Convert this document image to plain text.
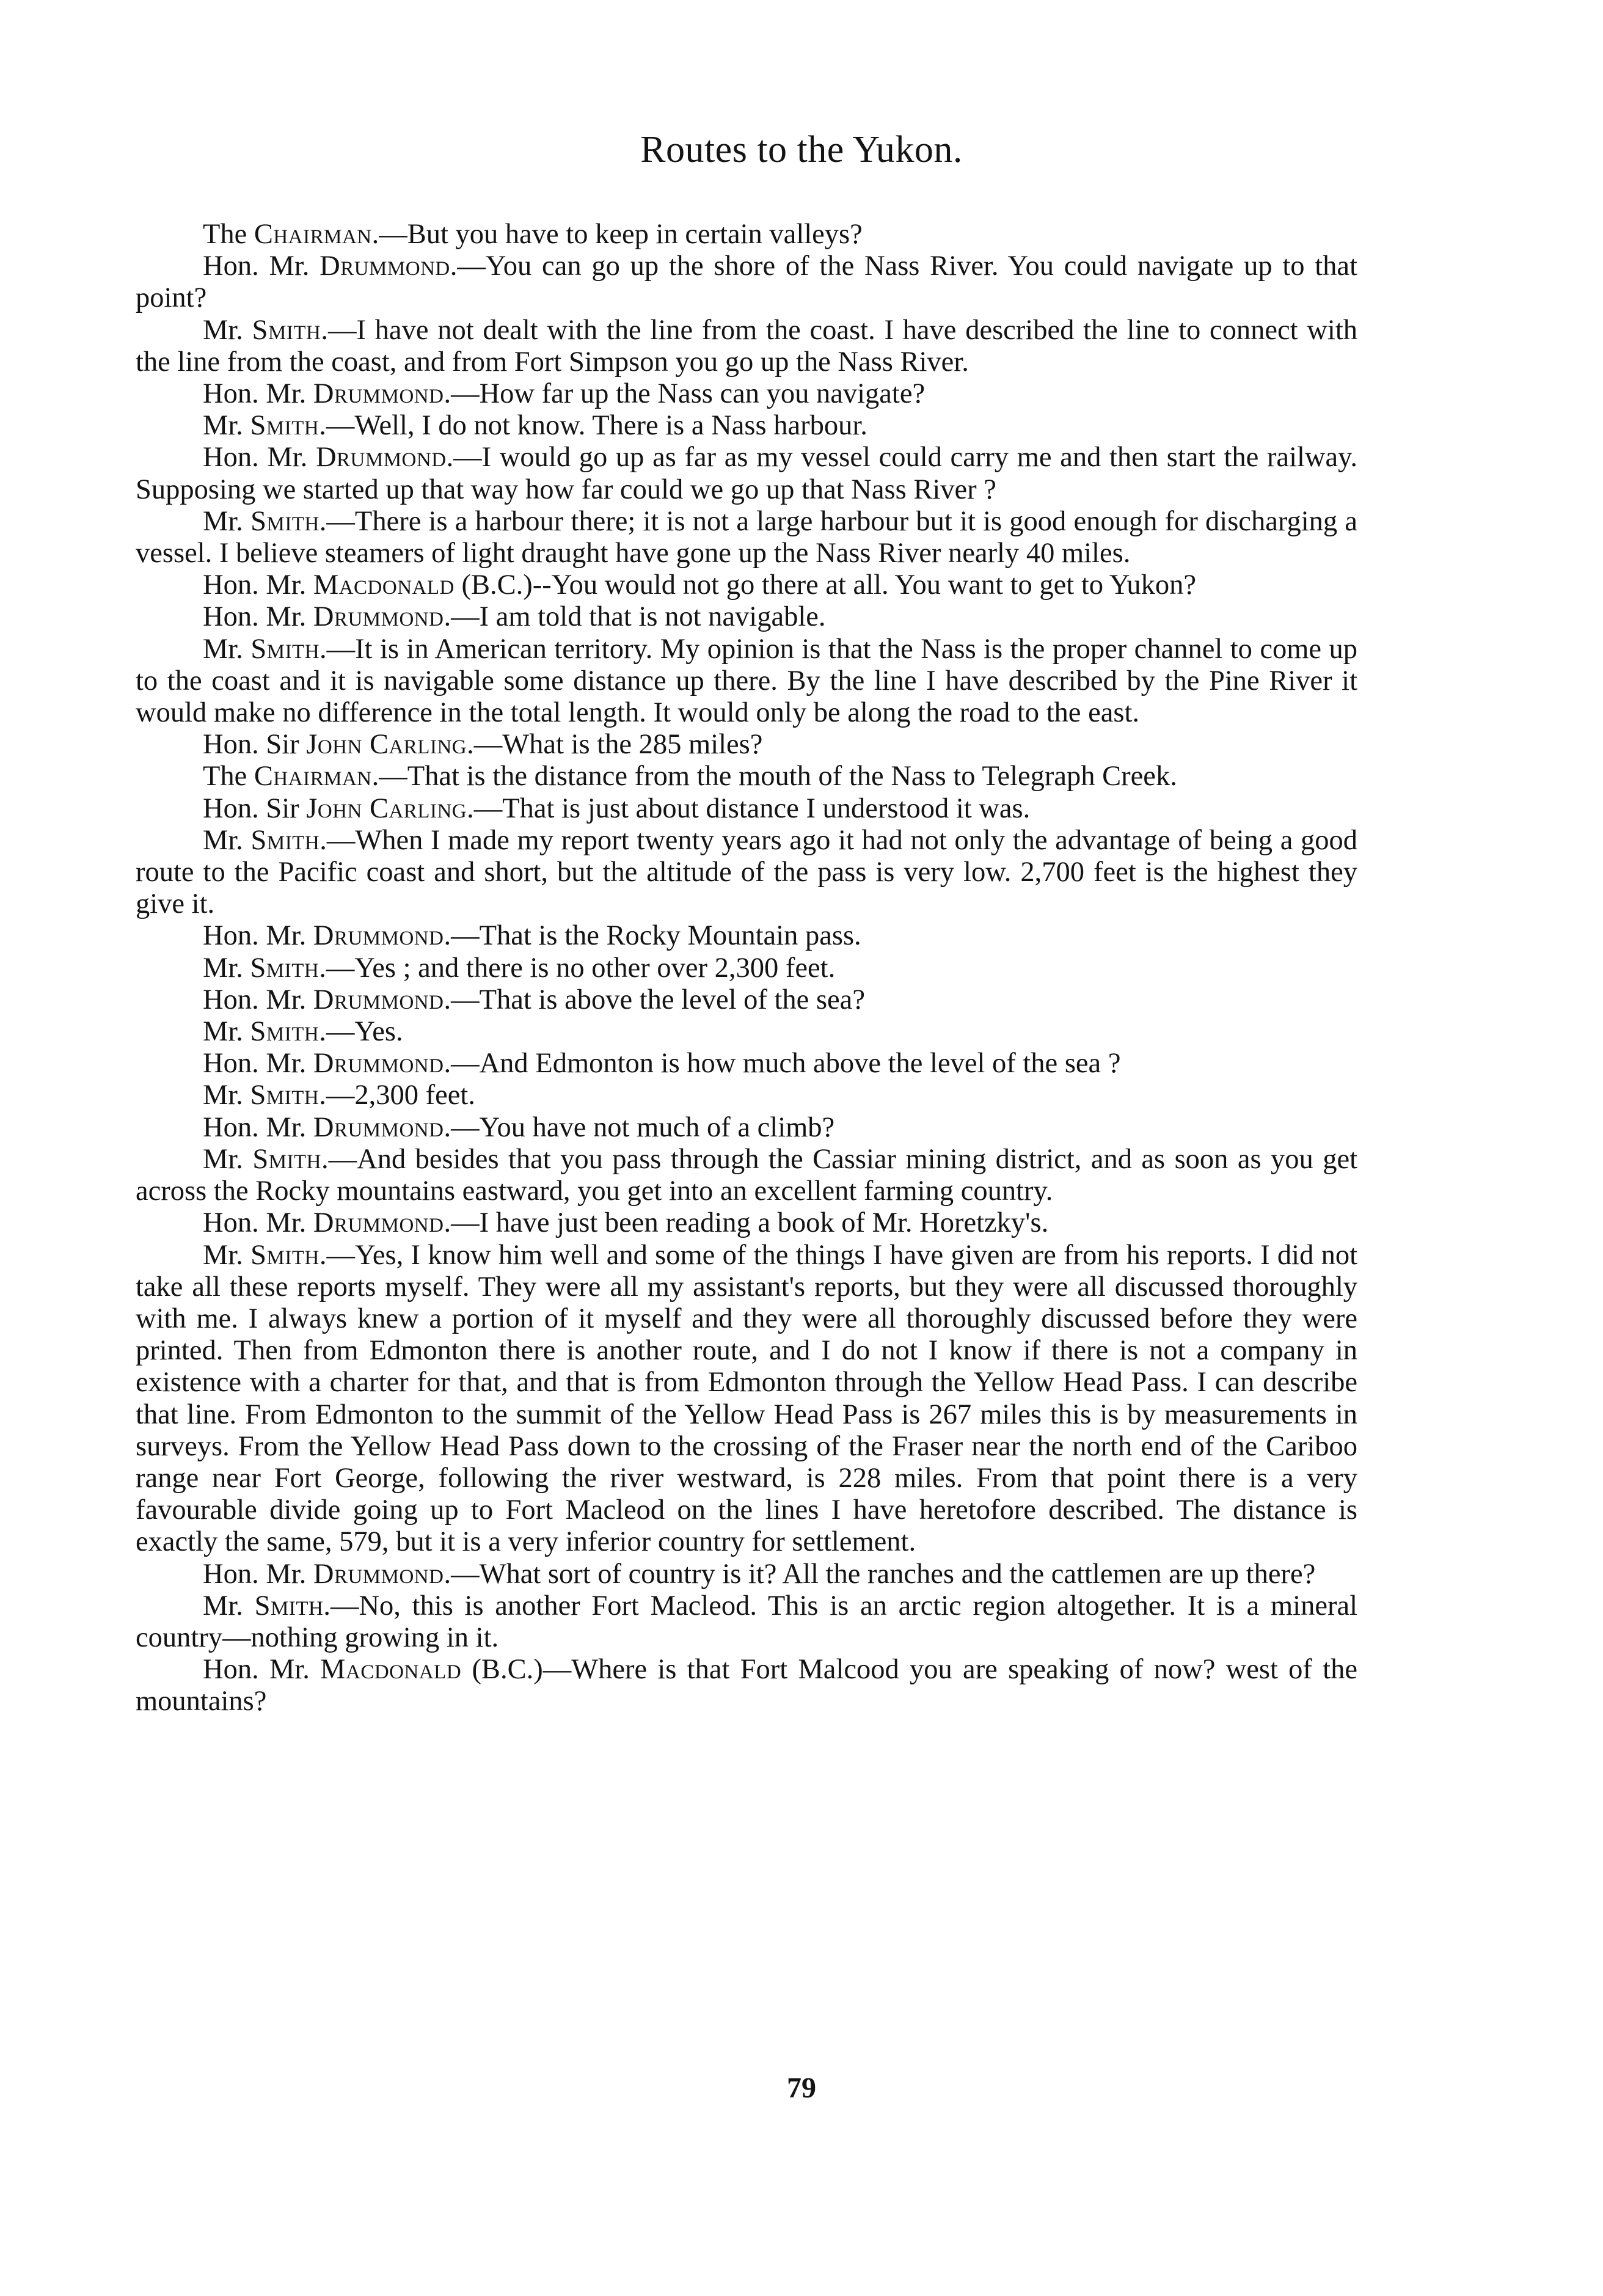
Routes to the Yukon.

The Chairman.—But you have to keep in certain valleys?

Hon. Mr. Drummond.—You can go up the shore of the Nass River. You could navigate up to that point?

Mr. Smith.—I have not dealt with the line from the coast. I have described the line to connect with the line from the coast, and from Fort Simpson you go up the Nass River.

Hon. Mr. Drummond.—How far up the Nass can you navigate?

Mr. Smith.—Well, I do not know. There is a Nass harbour.

Hon. Mr. Drummond.—I would go up as far as my vessel could carry me and then start the railway. Supposing we started up that way how far could we go up that Nass River ?

Mr. Smith.—There is a harbour there; it is not a large harbour but it is good enough for discharging a vessel. I believe steamers of light draught have gone up the Nass River nearly 40 miles.

Hon. Mr. Macdonald (B.C.)--You would not go there at all. You want to get to Yukon?

Hon. Mr. Drummond.—I am told that is not navigable.

Mr. Smith.—It is in American territory. My opinion is that the Nass is the proper channel to come up to the coast and it is navigable some distance up there. By the line I have described by the Pine River it would make no difference in the total length. It would only be along the road to the east.

Hon. Sir John Carling.—What is the 285 miles?

The Chairman.—That is the distance from the mouth of the Nass to Telegraph Creek.

Hon. Sir John Carling.—That is just about distance I understood it was.

Mr. Smith.—When I made my report twenty years ago it had not only the advantage of being a good route to the Pacific coast and short, but the altitude of the pass is very low. 2,700 feet is the highest they give it.

Hon. Mr. Drummond.—That is the Rocky Mountain pass.

Mr. Smith.—Yes ; and there is no other over 2,300 feet.

Hon. Mr. Drummond.—That is above the level of the sea?

Mr. Smith.—Yes.

Hon. Mr. Drummond.—And Edmonton is how much above the level of the sea ?

Mr. Smith.—2,300 feet.

Hon. Mr. Drummond.—You have not much of a climb?

Mr. Smith.—And besides that you pass through the Cassiar mining district, and as soon as you get across the Rocky mountains eastward, you get into an excellent farming country.

Hon. Mr. Drummond.—I have just been reading a book of Mr. Horetzky's.

Mr. Smith.—Yes, I know him well and some of the things I have given are from his reports. I did not take all these reports myself. They were all my assistant's reports, but they were all discussed thoroughly with me. I always knew a portion of it myself and they were all thoroughly discussed before they were printed. Then from Edmonton there is another route, and I do not I know if there is not a company in existence with a charter for that, and that is from Edmonton through the Yellow Head Pass. I can describe that line. From Edmonton to the summit of the Yellow Head Pass is 267 miles this is by measurements in surveys. From the Yellow Head Pass down to the crossing of the Fraser near the north end of the Cariboo range near Fort George, following the river westward, is 228 miles. From that point there is a very favourable divide going up to Fort Macleod on the lines I have heretofore described. The distance is exactly the same, 579, but it is a very inferior country for settlement.

Hon. Mr. Drummond.—What sort of country is it? All the ranches and the cattlemen are up there?

Mr. Smith.—No, this is another Fort Macleod. This is an arctic region altogether. It is a mineral country—nothing growing in it.

Hon. Mr. Macdonald (B.C.)—Where is that Fort Malcood you are speaking of now? west of the mountains?

79
